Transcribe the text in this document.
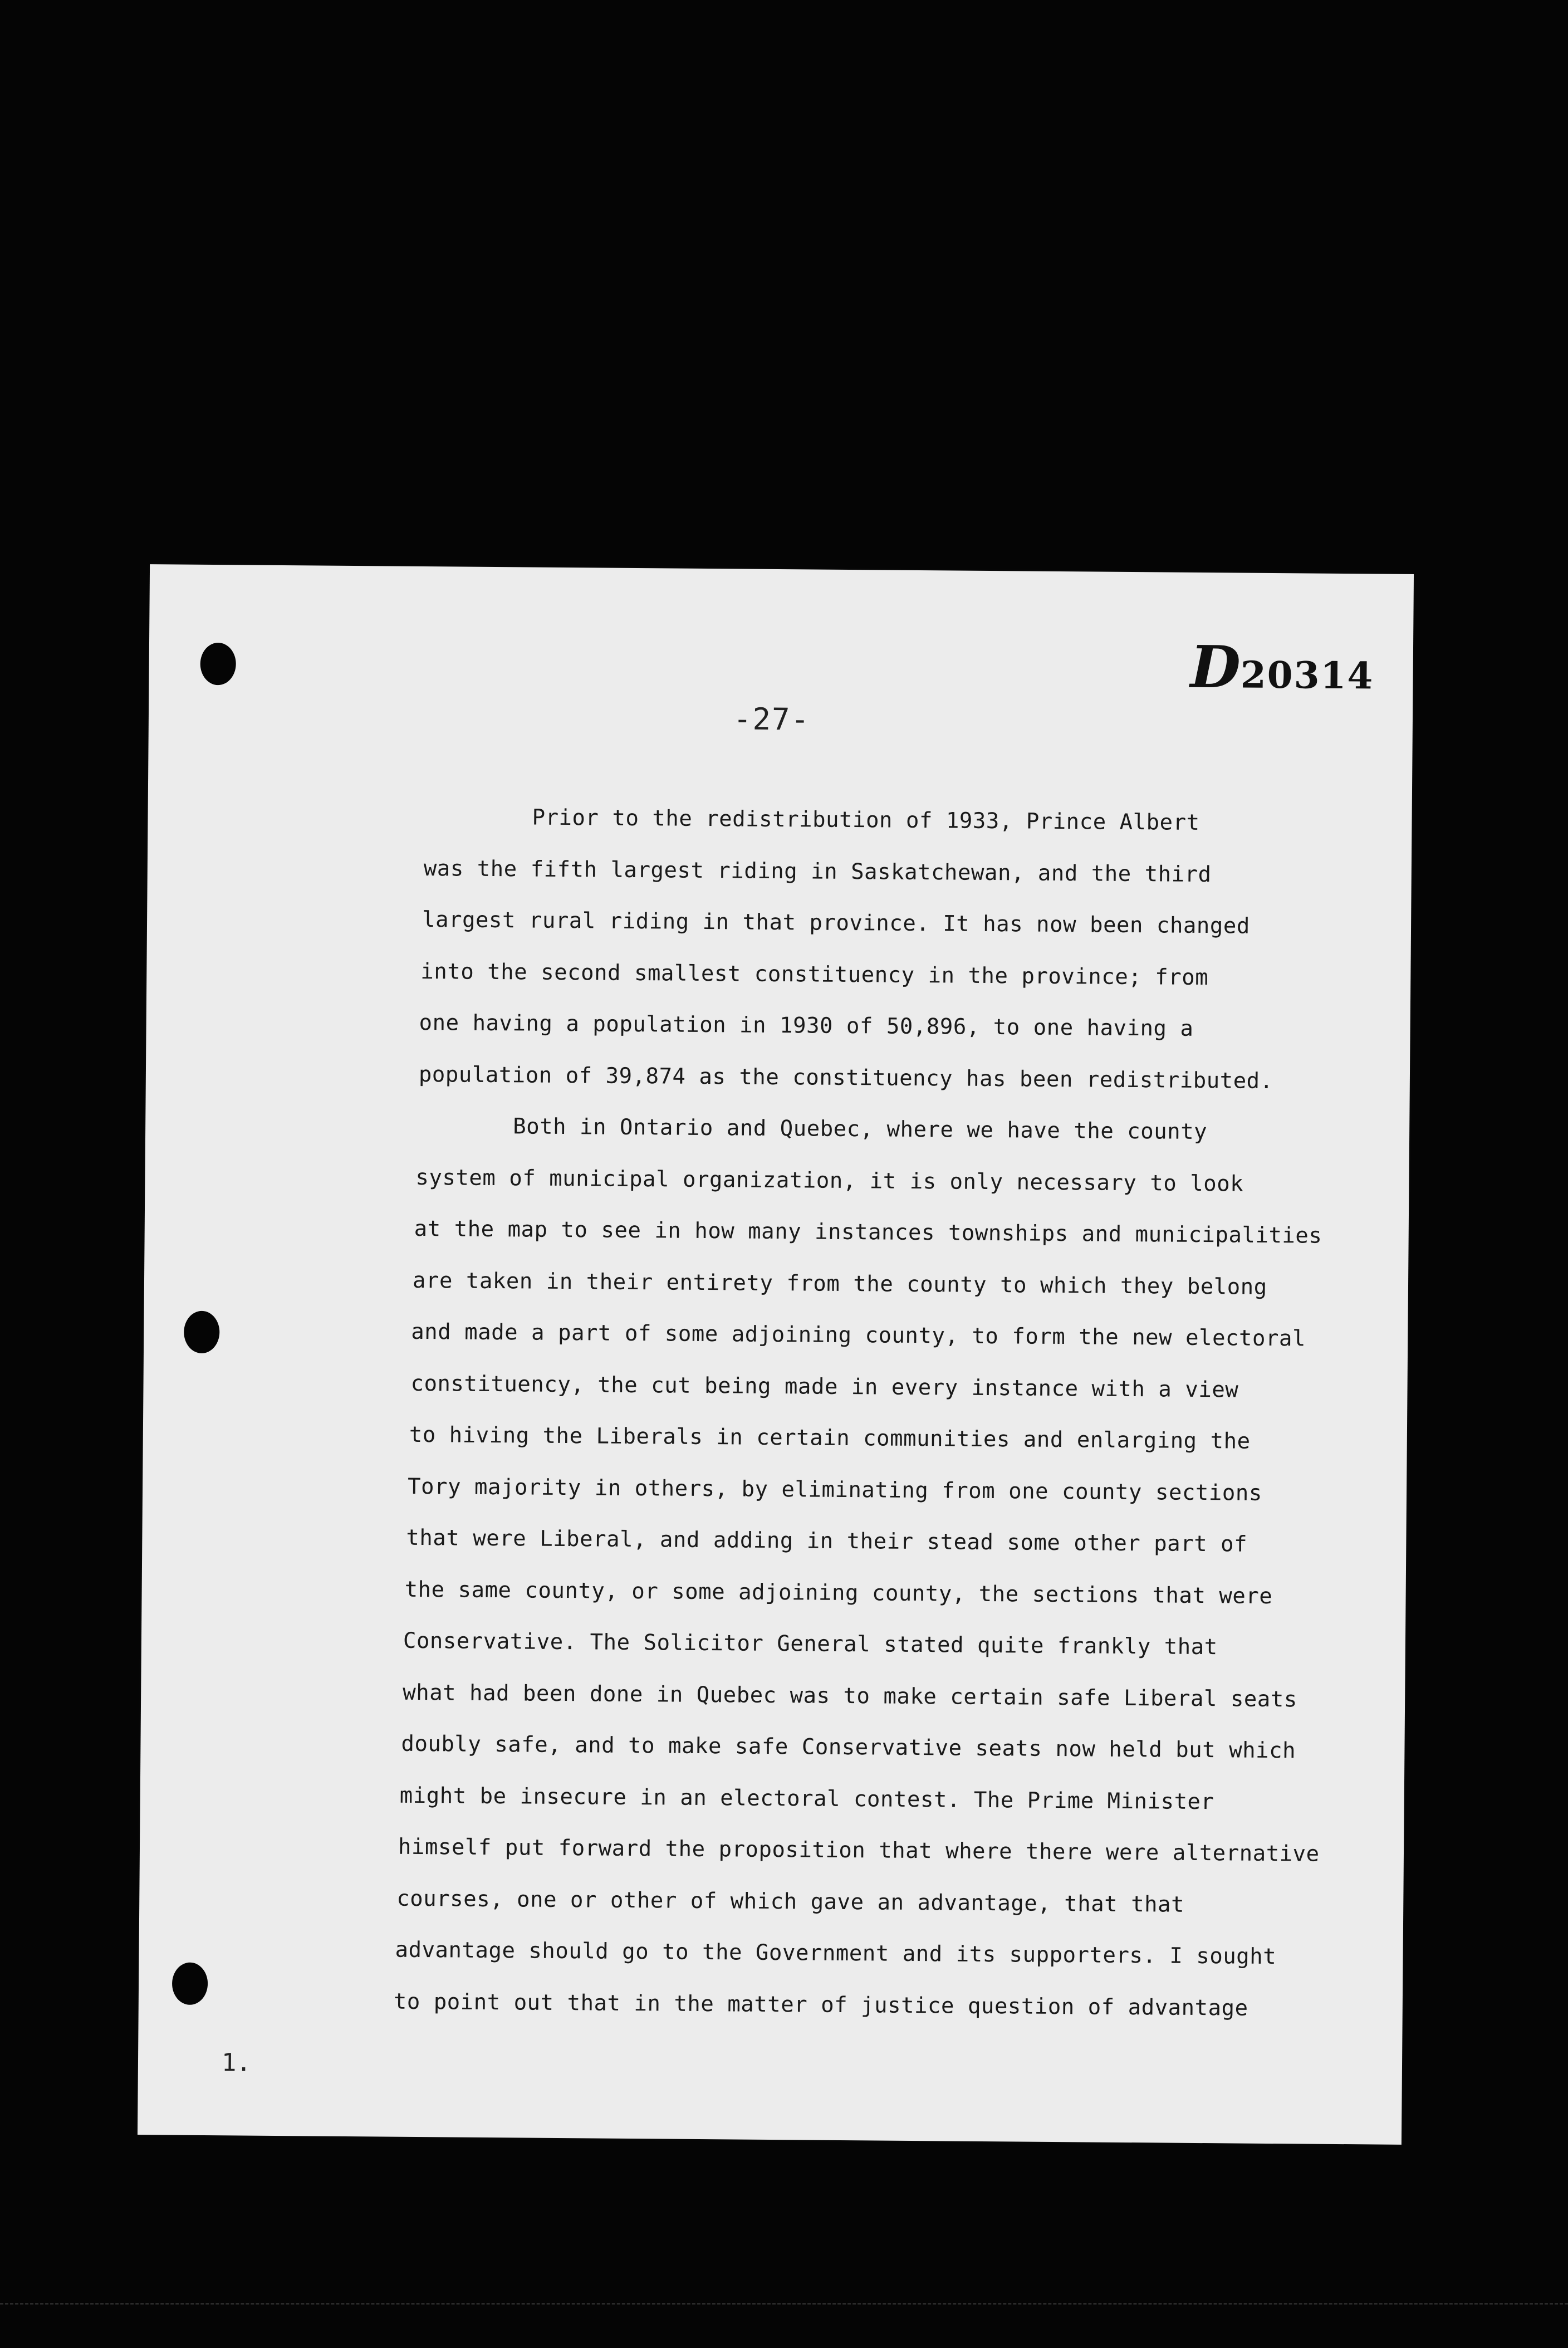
D20314
-27-
Prior to the redistribution of 1933, Prince Albert
was the fifth largest riding in Saskatchewan, and the third
largest rural riding in that province. It has now been changed
into the second smallest constituency in the province; from
one having a population in 1930 of 50,896, to one having a
population of 39,874 as the constituency has been redistributed.
Both in Ontario and Quebec, where we have the county
system of municipal organization, it is only necessary to look
at the map to see in how many instances townships and municipalities
are taken in their entirety from the county to which they belong
and made a part of some adjoining county, to form the new electoral
constituency, the cut being made in every instance with a view
to hiving the Liberals in certain communities and enlarging the
Tory majority in others, by eliminating from one county sections
that were Liberal, and adding in their stead some other part of
the same county, or some adjoining county, the sections that were
Conservative. The Solicitor General stated quite frankly that
what had been done in Quebec was to make certain safe Liberal seats
doubly safe, and to make safe Conservative seats now held but which
might be insecure in an electoral contest. The Prime Minister
himself put forward the proposition that where there were alternative
courses, one or other of which gave an advantage, that that
advantage should go to the Government and its supporters. I sought
to point out that in the matter of justice question of advantage
1.
